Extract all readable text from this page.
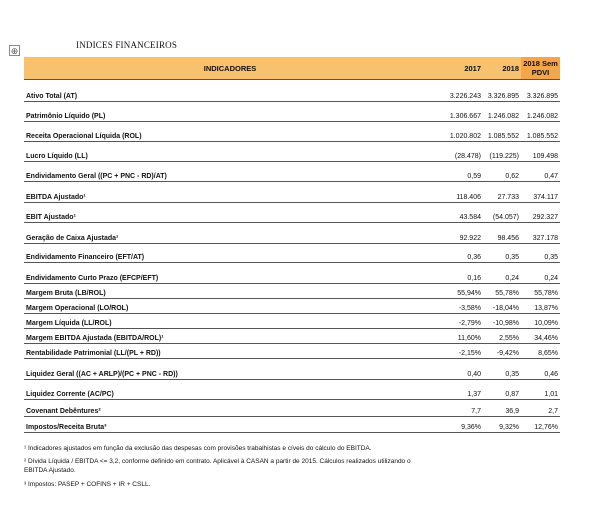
⊕
INDICES FINANCEIROS
INDICADORES	2017	2018	2018 Sem PDVI
Ativo Total (AT)	3.226.243	3.326.895	3.326.895
Patrimônio Líquido (PL)	1.306.667	1.246.082	1.246.082
Receita Operacional Líquida (ROL)	1.020.802	1.085.552	1.085.552
Lucro Líquido (LL)	(28.478)	(119.225)	109.498
Endividamento Geral ((PC + PNC - RD)/AT)	0,59	0,62	0,47
EBITDA Ajustado¹	118.406	27.733	374.117
EBIT Ajustado¹	43.584	(54.057)	292.327
Geração de Caixa Ajustada¹	92.922	98.456	327.178
Endividamento Financeiro (EFT/AT)	0,36	0,35	0,35
Endividamento Curto Prazo (EFCP/EFT)	0,16	0,24	0,24
Margem Bruta (LB/ROL)	55,94%	55,78%	55,78%
Margem Operacional (LO/ROL)	-3,58%	-18,04%	13,87%
Margem Líquida (LL/ROL)	-2,79%	-10,98%	10,09%
Margem EBITDA Ajustada (EBITDA/ROL)¹	11,60%	2,55%	34,46%
Rentabilidade Patrimonial (LL/(PL + RD))	-2,15%	-9,42%	8,65%
Liquidez Geral ((AC + ARLP)/(PC + PNC - RD))	0,40	0,35	0,46
Liquidez Corrente (AC/PC)	1,37	0,87	1,01
Covenant Debêntures²	7,7	36,9	2,7
Impostos/Receita Bruta³	9,36%	9,32%	12,76%

¹ Indicadores ajustados em função da exclusão das despesas com provisões trabalhistas e cíveis do cálculo do EBITDA.

² Dívida Líquida / EBITDA <= 3,2, conforme definido em contrato. Aplicável à CASAN a partir de 2015. Cálculos realizados utilizando o EBITDA Ajustado.

³ Impostos: PASEP + COFINS + IR + CSLL.
